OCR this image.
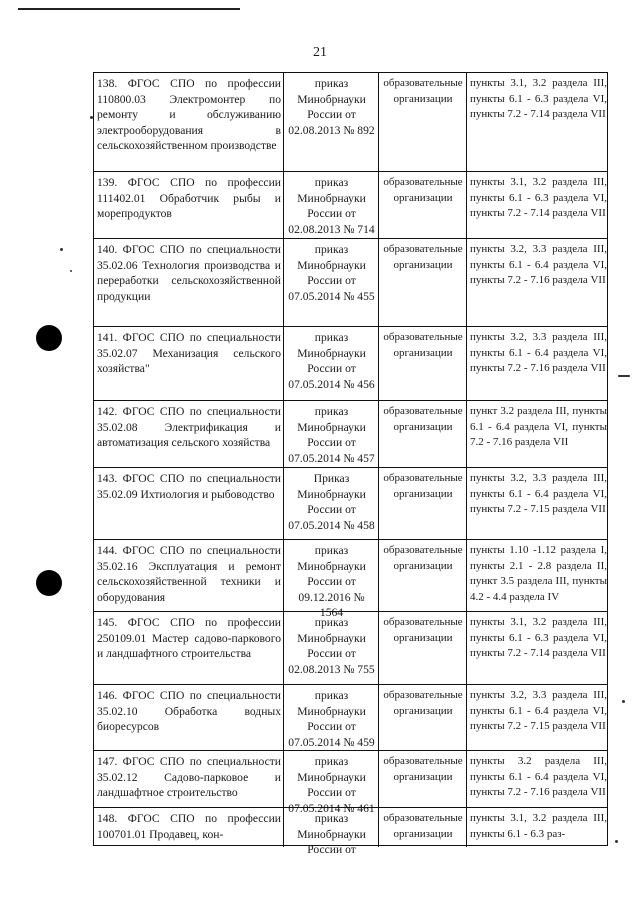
21
138. ФГОС СПО по профессии 110800.03 Электромонтер по ремонту и обслуживанию электрооборудования в сельскохозяйственном производстве
приказ Минобрнауки России от 02.08.2013 № 892
образовательные организации
пункты 3.1, 3.2 раздела III, пункты 6.1 - 6.3 раздела VI, пункты 7.2 - 7.14 раздела VII
139. ФГОС СПО по профессии 111402.01 Обработчик рыбы и морепродуктов
приказ Минобрнауки России от 02.08.2013 № 714
образовательные организации
пункты 3.1, 3.2 раздела III, пункты 6.1 - 6.3 раздела VI, пункты 7.2 - 7.14 раздела VII
140. ФГОС СПО по специальности 35.02.06 Технология производства и переработки сельскохозяйственной продукции
приказ Минобрнауки России от 07.05.2014 № 455
образовательные организации
пункты 3.2, 3.3 раздела III, пункты 6.1 - 6.4 раздела VI, пункты 7.2 - 7.16 раздела VII
141. ФГОС СПО по специальности 35.02.07 Механизация сельского хозяйства"
приказ Минобрнауки России от 07.05.2014 № 456
образовательные организации
пункты 3.2, 3.3 раздела III, пункты 6.1 - 6.4 раздела VI, пункты 7.2 - 7.16 раздела VII
142. ФГОС СПО по специальности 35.02.08 Электрификация и автоматизация сельского хозяйства
приказ Минобрнауки России от 07.05.2014 № 457
образовательные организации
пункт 3.2 раздела III, пункты 6.1 - 6.4 раздела VI, пункты 7.2 - 7.16 раздела VII
143. ФГОС СПО по специальности 35.02.09 Ихтиология и рыбоводство
Приказ Минобрнауки России от 07.05.2014 № 458
образовательные организации
пункты 3.2, 3.3 раздела III, пункты 6.1 - 6.4 раздела VI, пункты 7.2 - 7.15 раздела VII
144. ФГОС СПО по специальности 35.02.16 Эксплуатация и ремонт сельскохозяйственной техники и оборудования
приказ Минобрнауки России от 09.12.2016 № 1564
образовательные организации
пункты 1.10 -1.12 раздела I, пункты 2.1 - 2.8 раздела II, пункт 3.5 раздела III, пункты 4.2 - 4.4 раздела IV
145. ФГОС СПО по профессии 250109.01 Мастер садово-паркового и ландшафтного строительства
приказ Минобрнауки России от 02.08.2013 № 755
образовательные организации
пункты 3.1, 3.2 раздела III, пункты 6.1 - 6.3 раздела VI, пункты 7.2 - 7.14 раздела VII
146. ФГОС СПО по специальности 35.02.10 Обработка водных биоресурсов
приказ Минобрнауки России от 07.05.2014 № 459
образовательные организации
пункты 3.2, 3.3 раздела III, пункты 6.1 - 6.4 раздела VI, пункты 7.2 - 7.15 раздела VII
147. ФГОС СПО по специальности 35.02.12 Садово-парковое и ландшафтное строительство
приказ Минобрнауки России от 07.05.2014 № 461
образовательные организации
пункты 3.2 раздела III, пункты 6.1 - 6.4 раздела VI, пункты 7.2 - 7.16 раздела VII
148. ФГОС СПО по профессии 100701.01 Продавец, кон-
приказ Минобрнауки России от
образовательные организации
пункты 3.1, 3.2 раздела III, пункты 6.1 - 6.3 раз-
